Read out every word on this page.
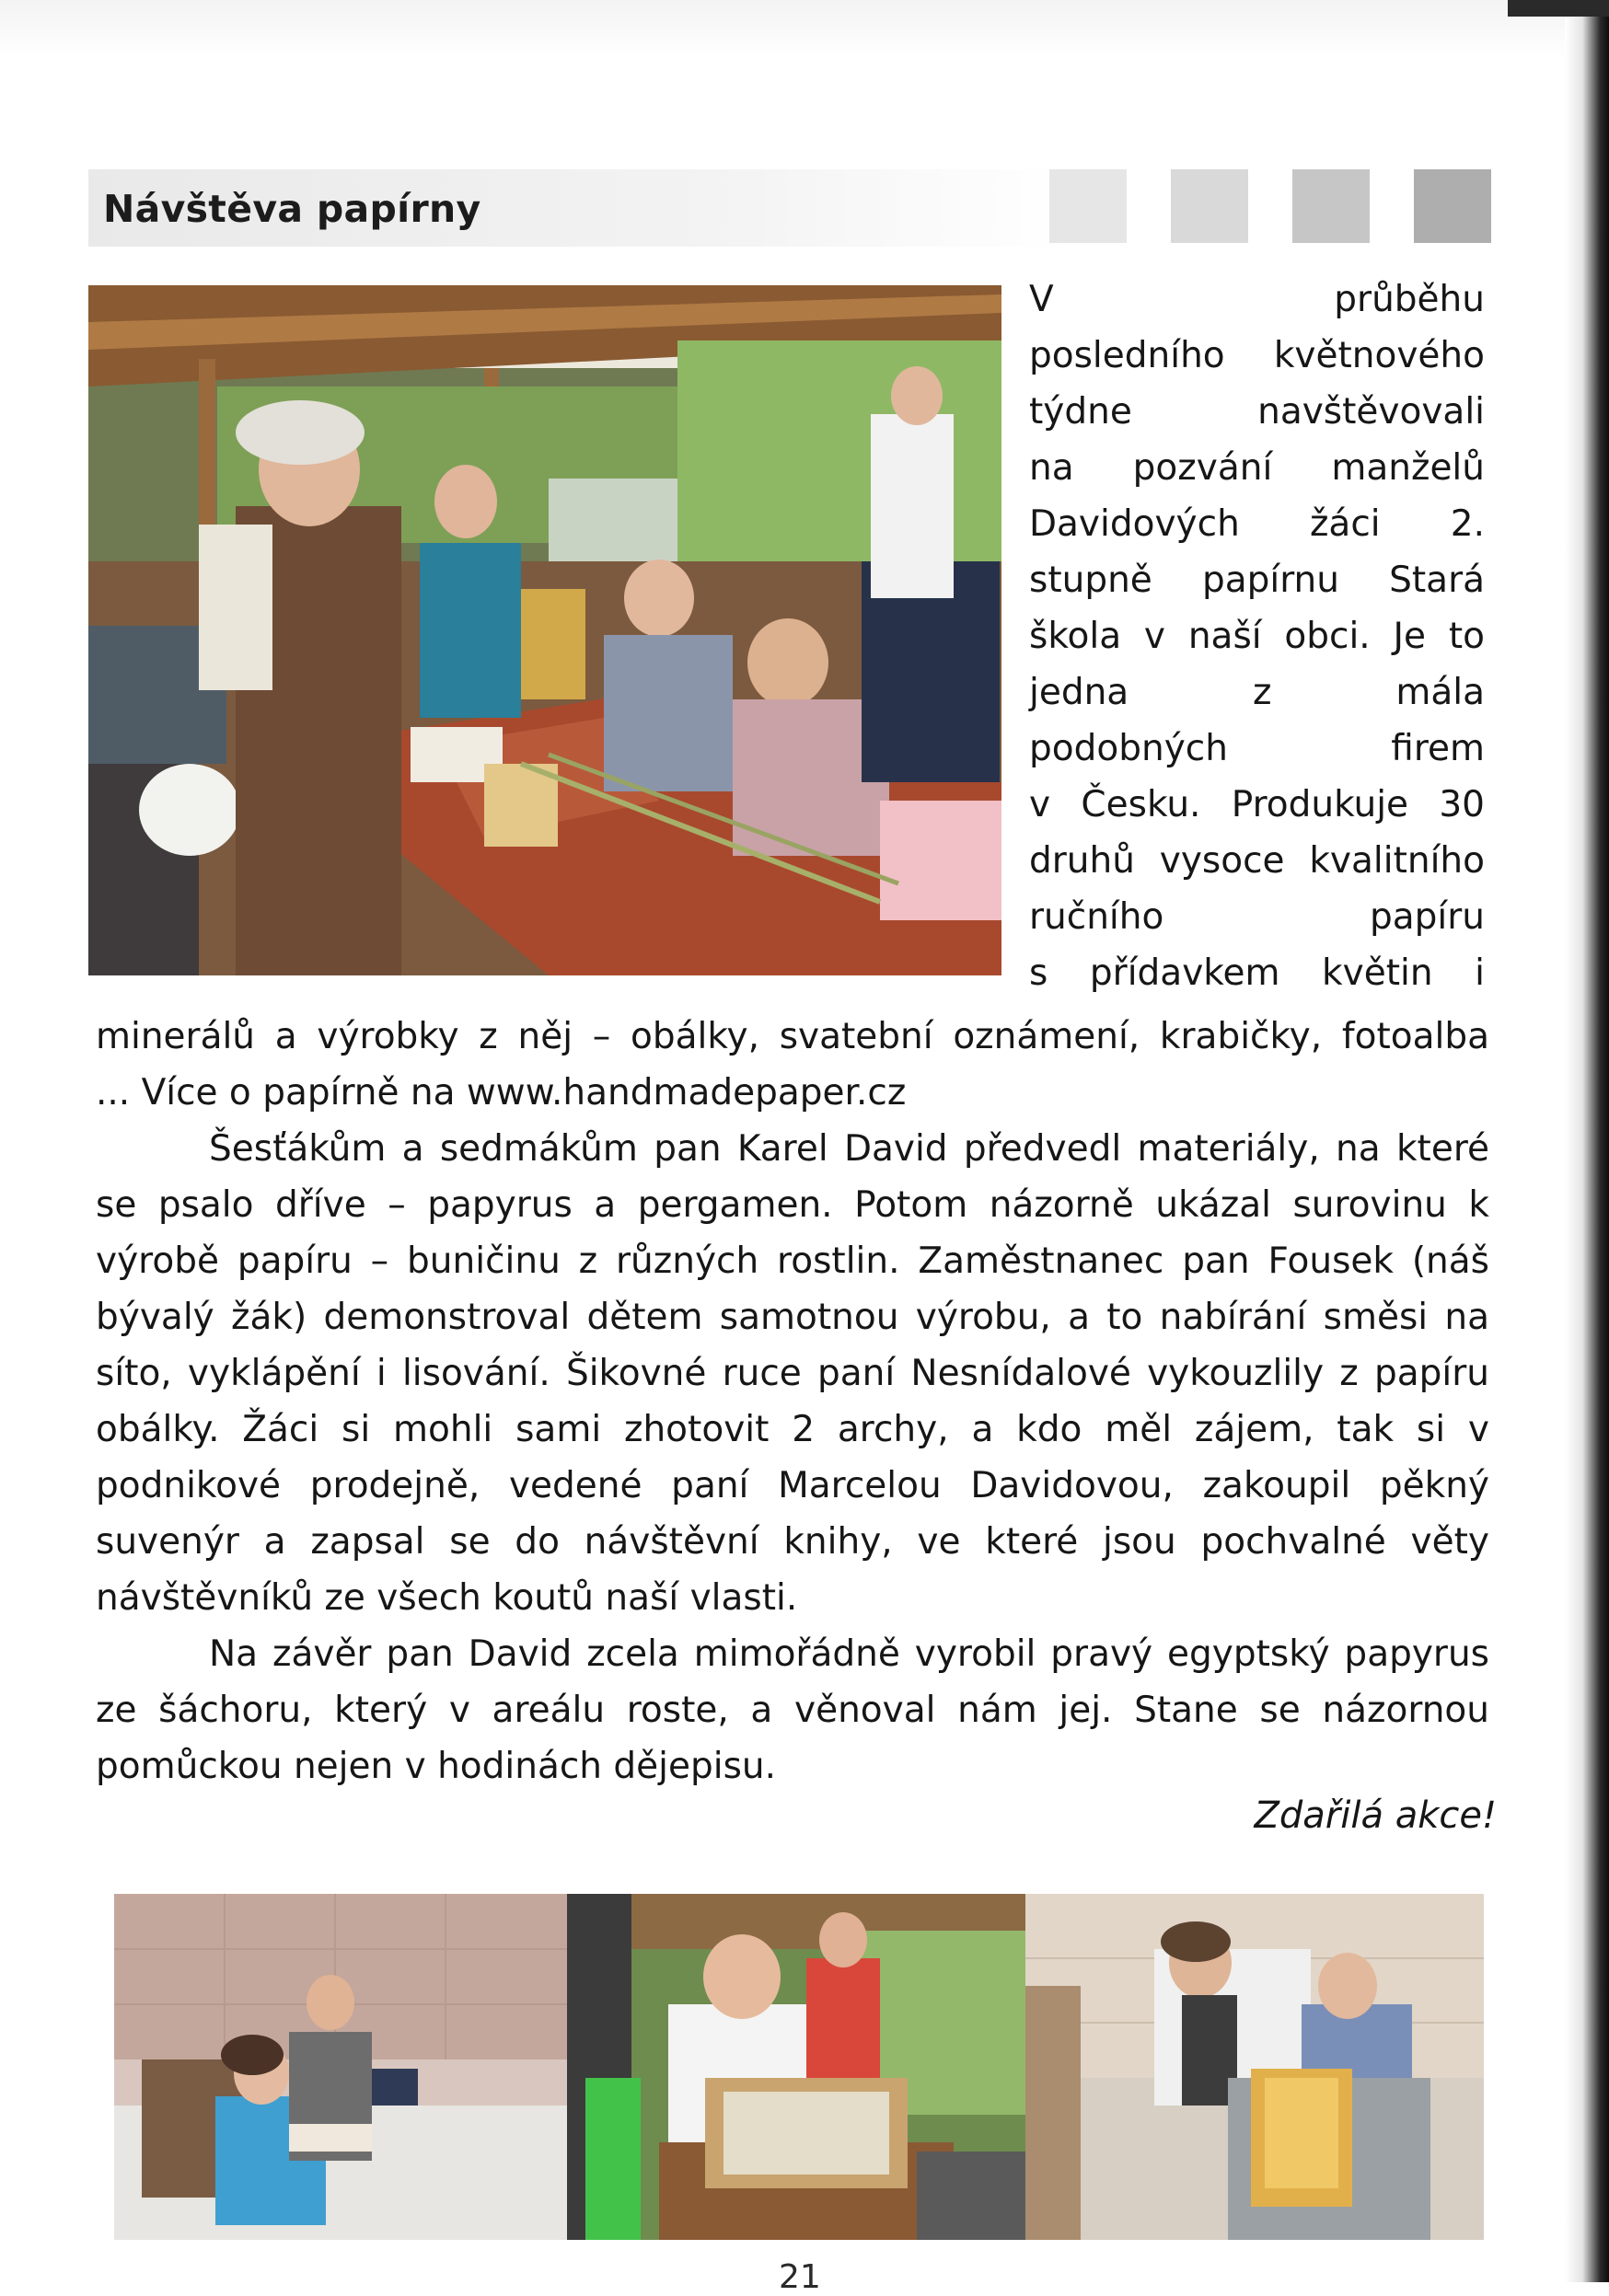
Návštěva papírny

V průběhu

posledního květnového

týdne navštěvovali

na pozvání manželů

Davidových žáci 2.

stupně papírnu Stará

škola v naší obci. Je to

jedna z mála

podobných firem

v Česku. Produkuje 30

druhů vysoce kvalitního

ručního papíru

s přídavkem květin i

minerálů a výrobky z něj – obálky, svatební oznámení, krabičky, fotoalba
... Více o papírně na www.handmadepaper.cz

Šesťákům a sedmákům pan Karel David předvedl materiály, na které se psalo dříve – papyrus a pergamen. Potom názorně ukázal surovinu k výrobě papíru – buničinu z různých rostlin. Zaměstnanec pan Fousek (náš bývalý žák) demonstroval dětem samotnou výrobu, a to nabírání směsi na síto, vyklápění i lisování. Šikovné ruce paní Nesnídalové vykouzlily z papíru obálky. Žáci si mohli sami zhotovit 2 archy, a kdo měl zájem, tak si v podnikové prodejně, vedené paní Marcelou Davidovou, zakoupil pěkný suvenýr a zapsal se do návštěvní knihy, ve které jsou pochvalné věty návštěvníků ze všech koutů naší vlasti.

Na závěr pan David zcela mimořádně vyrobil pravý egyptský papyrus ze šáchoru, který v areálu roste, a věnoval nám jej. Stane se názornou pomůckou nejen v hodinách dějepisu.

Zdařilá akce!
21
